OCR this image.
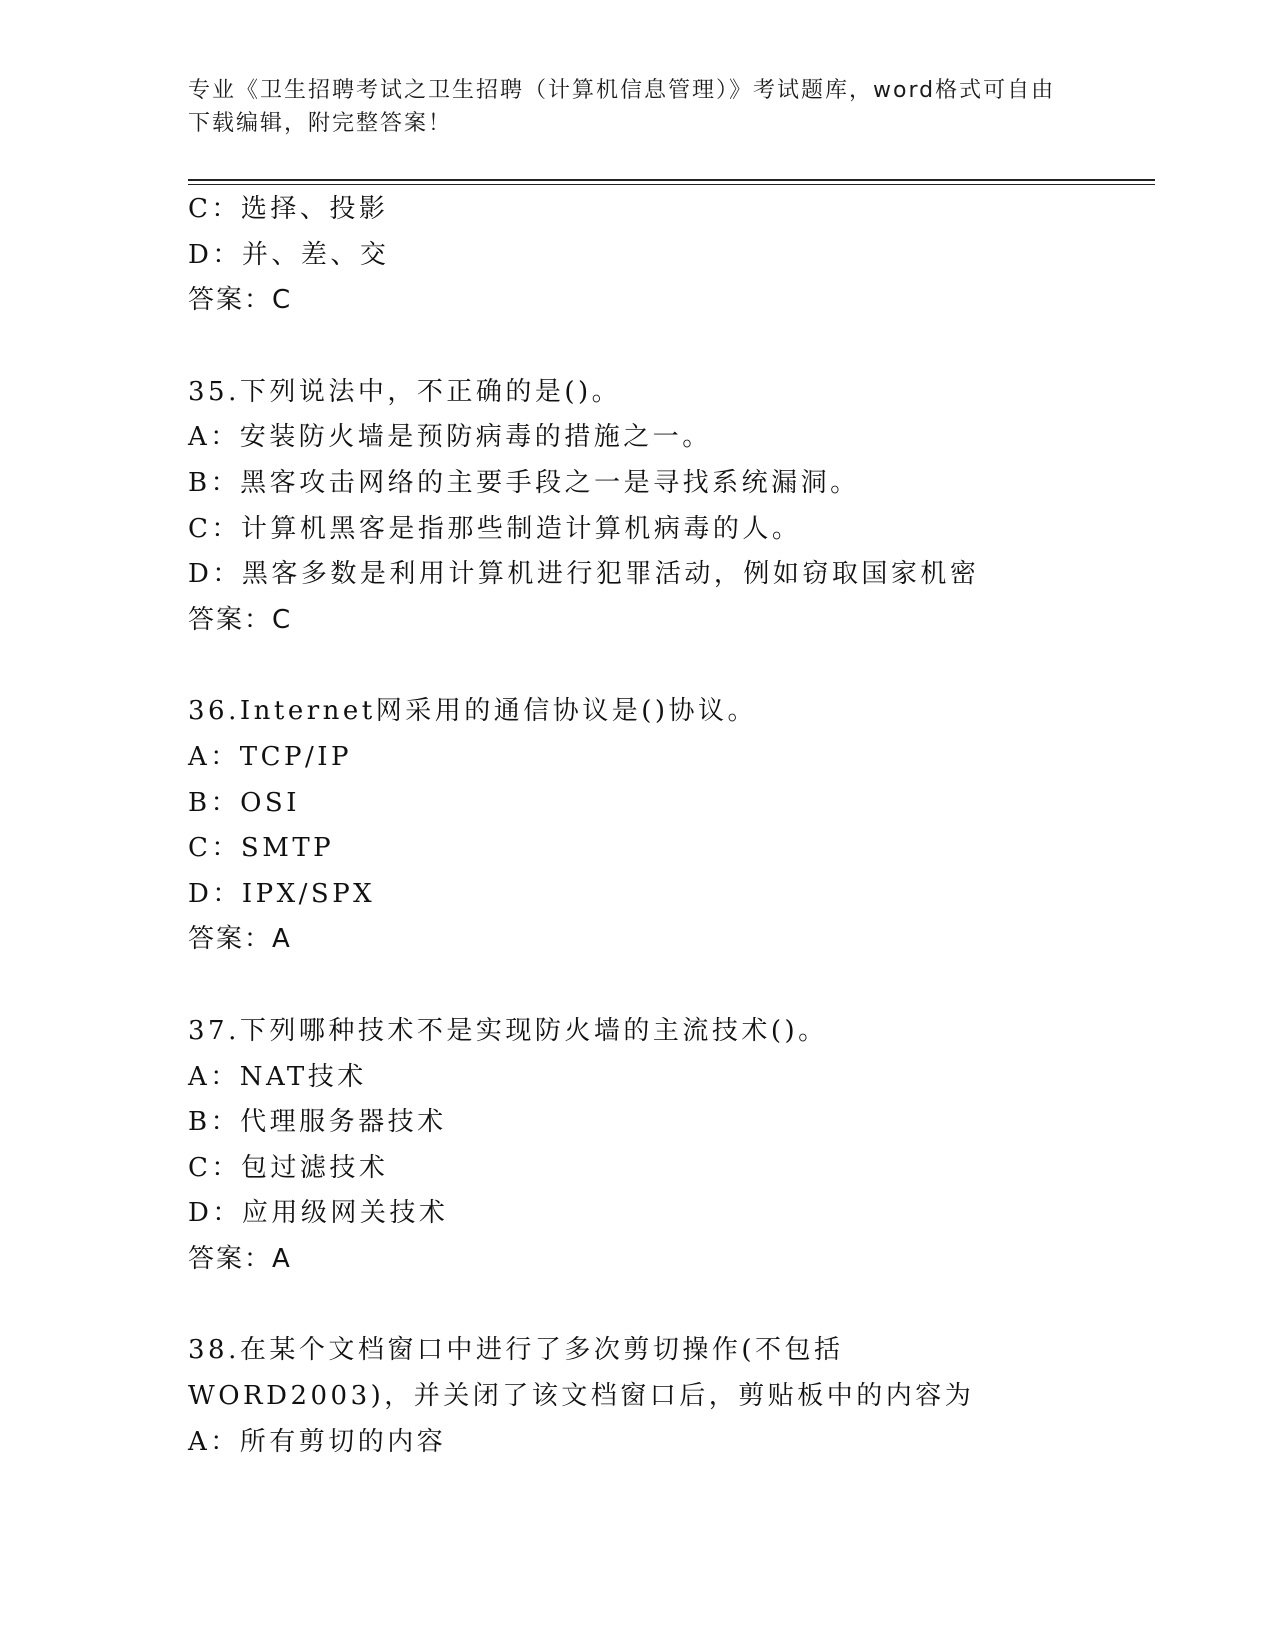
专业《卫生招聘考试之卫生招聘（计算机信息管理）》考试题库，word格式可自由下载编辑，附完整答案！
C：选择、投影
D：并、差、交
答案：C
35.下列说法中，不正确的是()。
A：安装防火墙是预防病毒的措施之一。
B：黑客攻击网络的主要手段之一是寻找系统漏洞。
C：计算机黑客是指那些制造计算机病毒的人。
D：黑客多数是利用计算机进行犯罪活动，例如窃取国家机密
答案：C
36.Internet网采用的通信协议是()协议。
A：TCP/IP
B：OSI
C：SMTP
D：IPX/SPX
答案：A
37.下列哪种技术不是实现防火墙的主流技术()。
A：NAT技术
B：代理服务器技术
C：包过滤技术
D：应用级网关技术
答案：A
38.在某个文档窗口中进行了多次剪切操作(不包括WORD2003)，并关闭了该文档窗口后，剪贴板中的内容为
A：所有剪切的内容
